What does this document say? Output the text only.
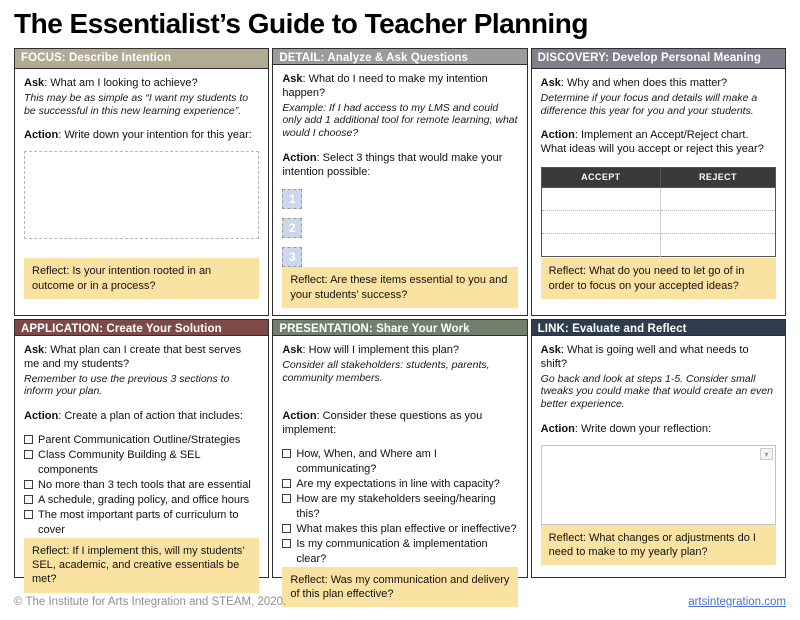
The Essentialist’s Guide to Teacher Planning
FOCUS: Describe Intention
Ask: What am I looking to achieve?
This may be as simple as “I want my students to be successful in this new learning experience”.
Action: Write down your intention for this year:
Reflect: Is your intention rooted in an outcome or in a process?
DETAIL: Analyze & Ask Questions
Ask: What do I need to make my intention happen?
Example: If I had access to my LMS and could only add 1 additional tool for remote learning, what would I choose?
Action: Select 3 things that would make your intention possible:
1
2
3
Reflect: Are these items essential to you and your students’ success?
DISCOVERY: Develop Personal Meaning
Ask: Why and when does this matter?
Determine if your focus and details will make a difference this year for you and your students.
Action: Implement an Accept/Reject chart. What ideas will you accept or reject this year?
ACCEPT	REJECT

Reflect: What do you need to let go of in order to focus on your accepted ideas?
APPLICATION: Create Your Solution
Ask: What plan can I create that best serves me and my students?
Remember to use the previous 3 sections to inform your plan.
Action: Create a plan of action that includes:
Parent Communication Outline/Strategies
Class Community Building & SEL components
No more than 3 tech tools that are essential
A schedule, grading policy, and office hours
The most important parts of curriculum to cover
Reflect: If I implement this, will my students’ SEL, academic, and creative essentials be met?
PRESENTATION: Share Your Work
Ask: How will I implement this plan?
Consider all stakeholders: students, parents, community members.
Action: Consider these questions as you implement:
How, When, and Where am I communicating?
Are my expectations in line with capacity?
How are my stakeholders seeing/hearing this?
What makes this plan effective or ineffective?
Is my communication & implementation clear?
Reflect: Was my communication and delivery of this plan effective?
LINK: Evaluate and Reflect
Ask: What is going well and what needs to shift?
Go back and look at steps 1-5. Consider small tweaks you could make that would create an even better experience.
Action: Write down your reflection:
▾
Reflect: What changes or adjustments do I need to make to my yearly plan?
© The Institute for Arts Integration and STEAM, 2020.	artsintegration.com
